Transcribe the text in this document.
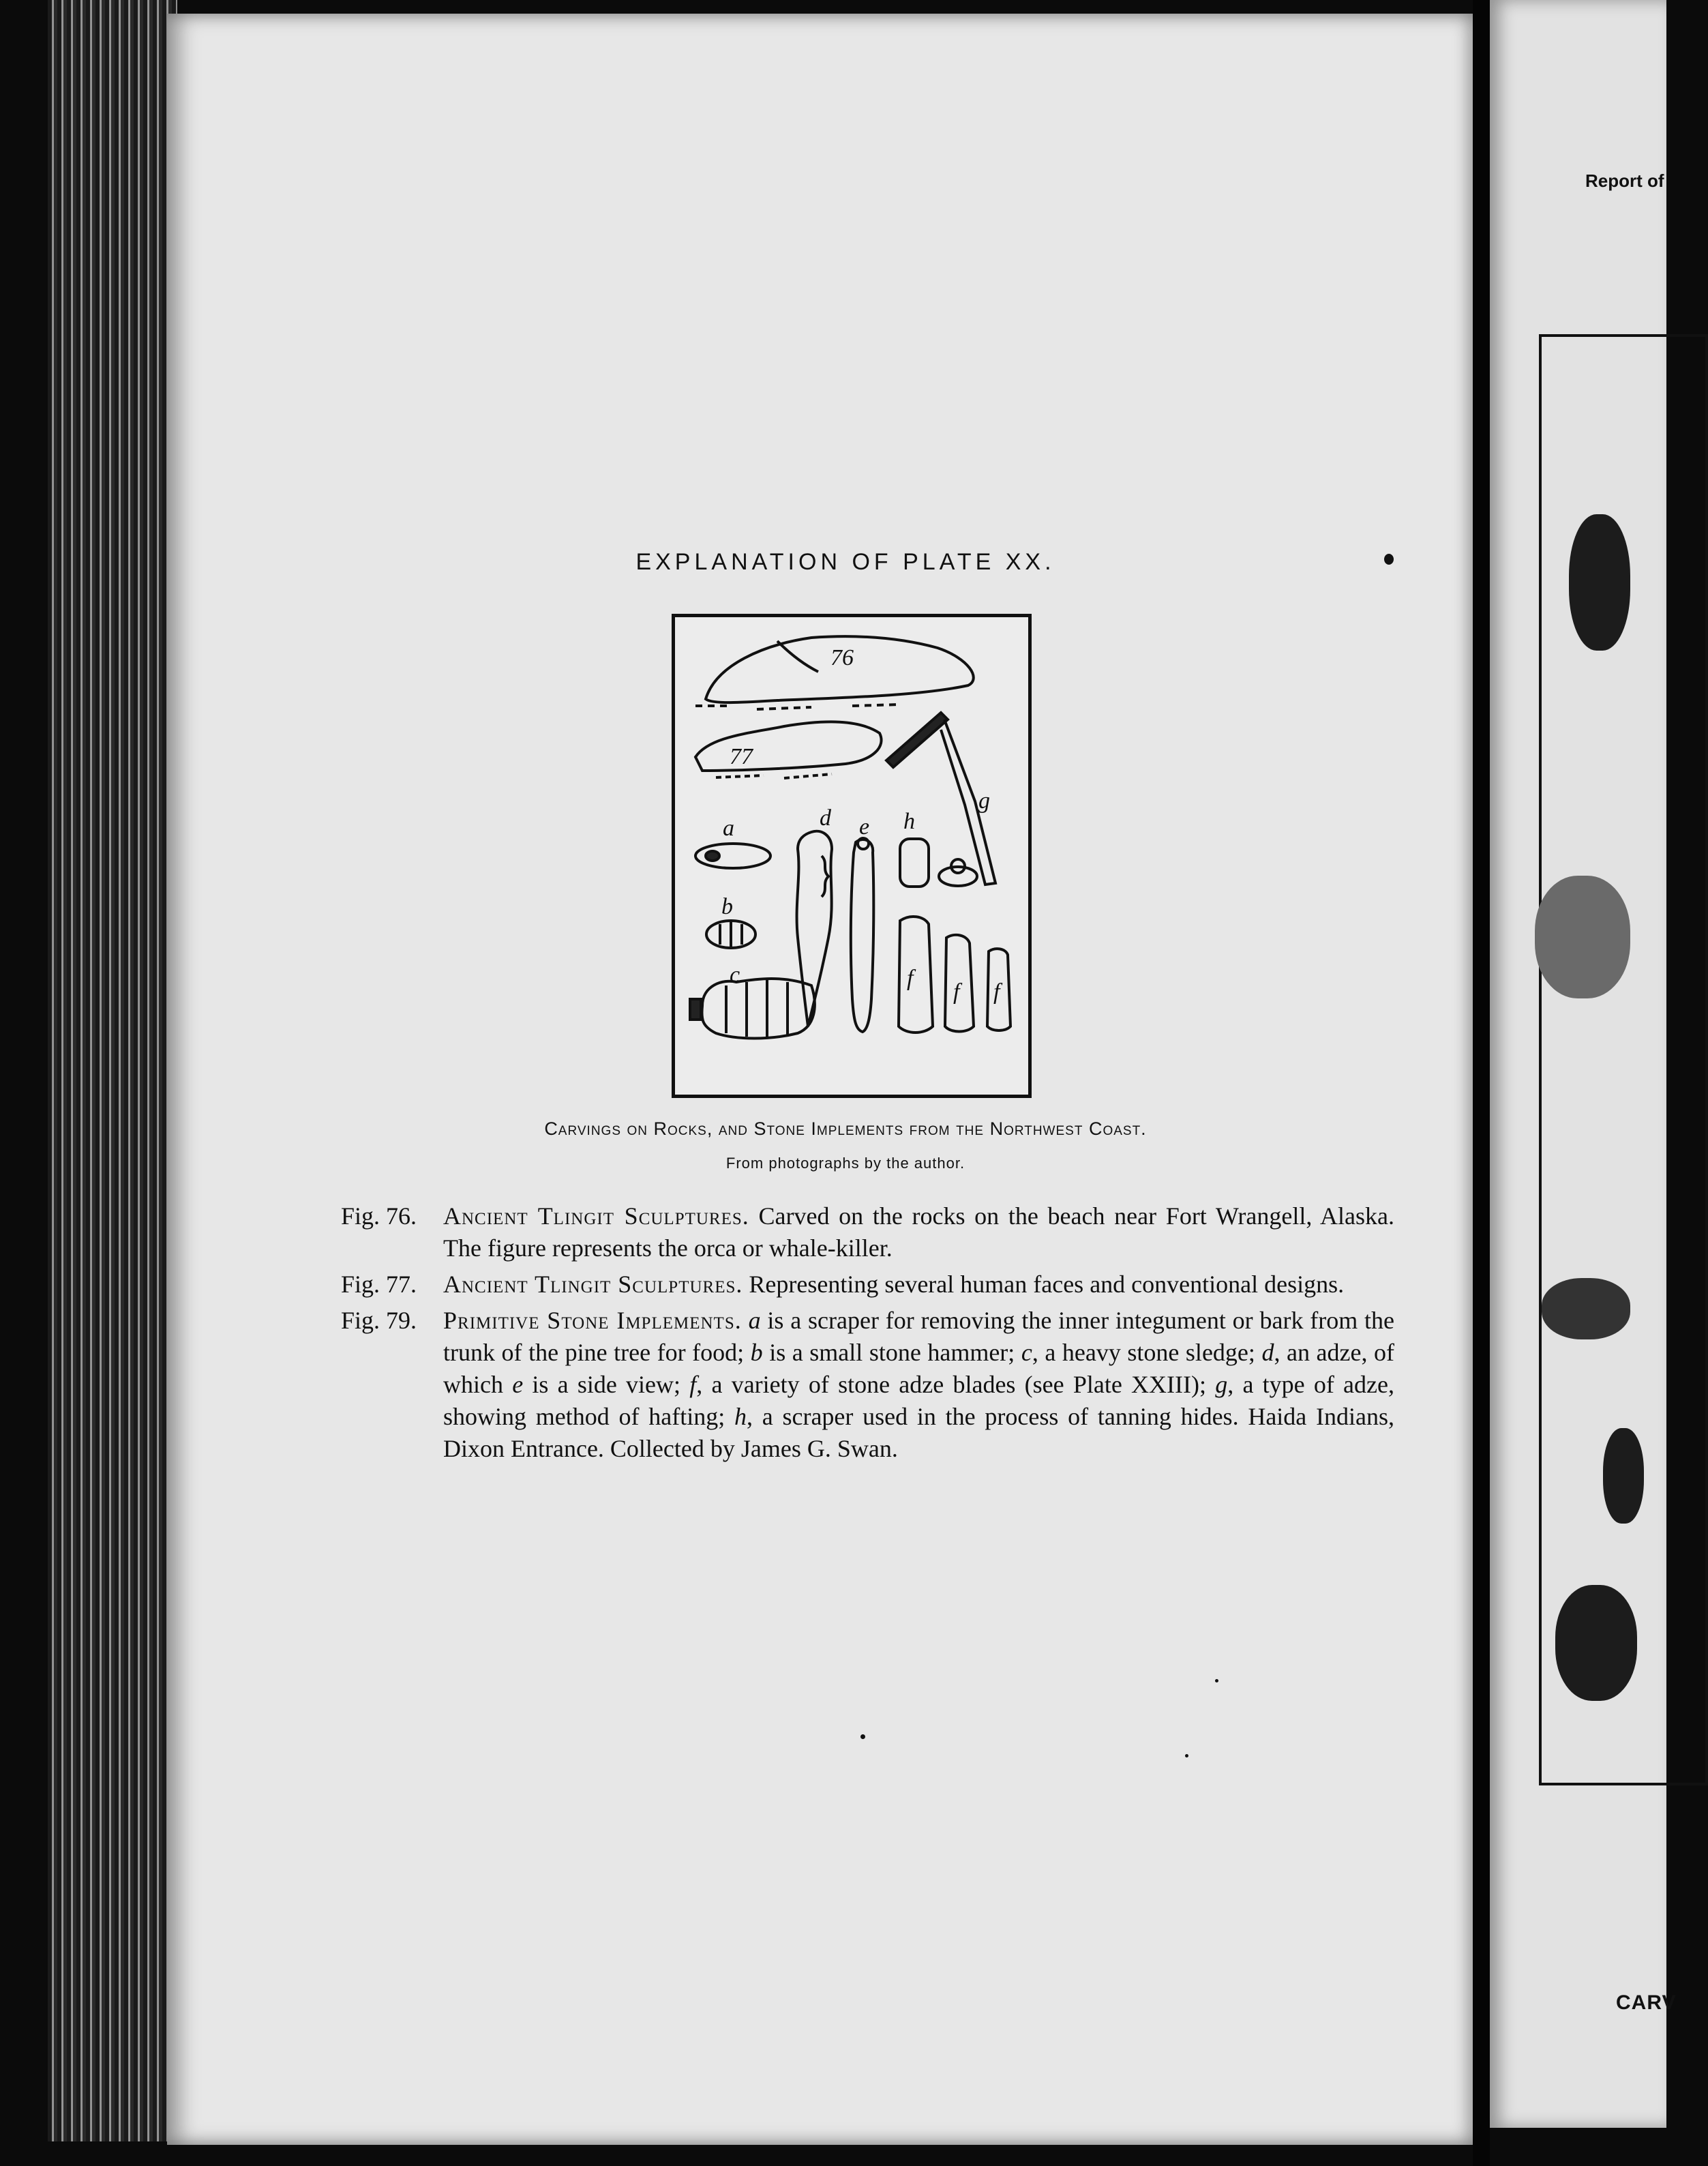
Report of
CARV
EXPLANATION OF PLATE XX.
76
77
a
b
c
d e
g
h
f
f f
Carvings on Rocks, and Stone Implements from the Northwest Coast.
From photographs by the author.
Fig. 76.	Ancient Tlingit Sculptures. Carved on the rocks on the beach near Fort Wrangell, Alaska. The figure represents the orca or whale-killer.
Fig. 77.	Ancient Tlingit Sculptures. Representing several human faces and conventional designs.
Fig. 79.	Primitive Stone Implements. a is a scraper for removing the inner integument or bark from the trunk of the pine tree for food; b is a small stone hammer; c, a heavy stone sledge; d, an adze, of which e is a side view; f, a variety of stone adze blades (see Plate XXIII); g, a type of adze, showing method of hafting; h, a scraper used in the process of tanning hides. Haida Indians, Dixon Entrance. Collected by James G. Swan.
